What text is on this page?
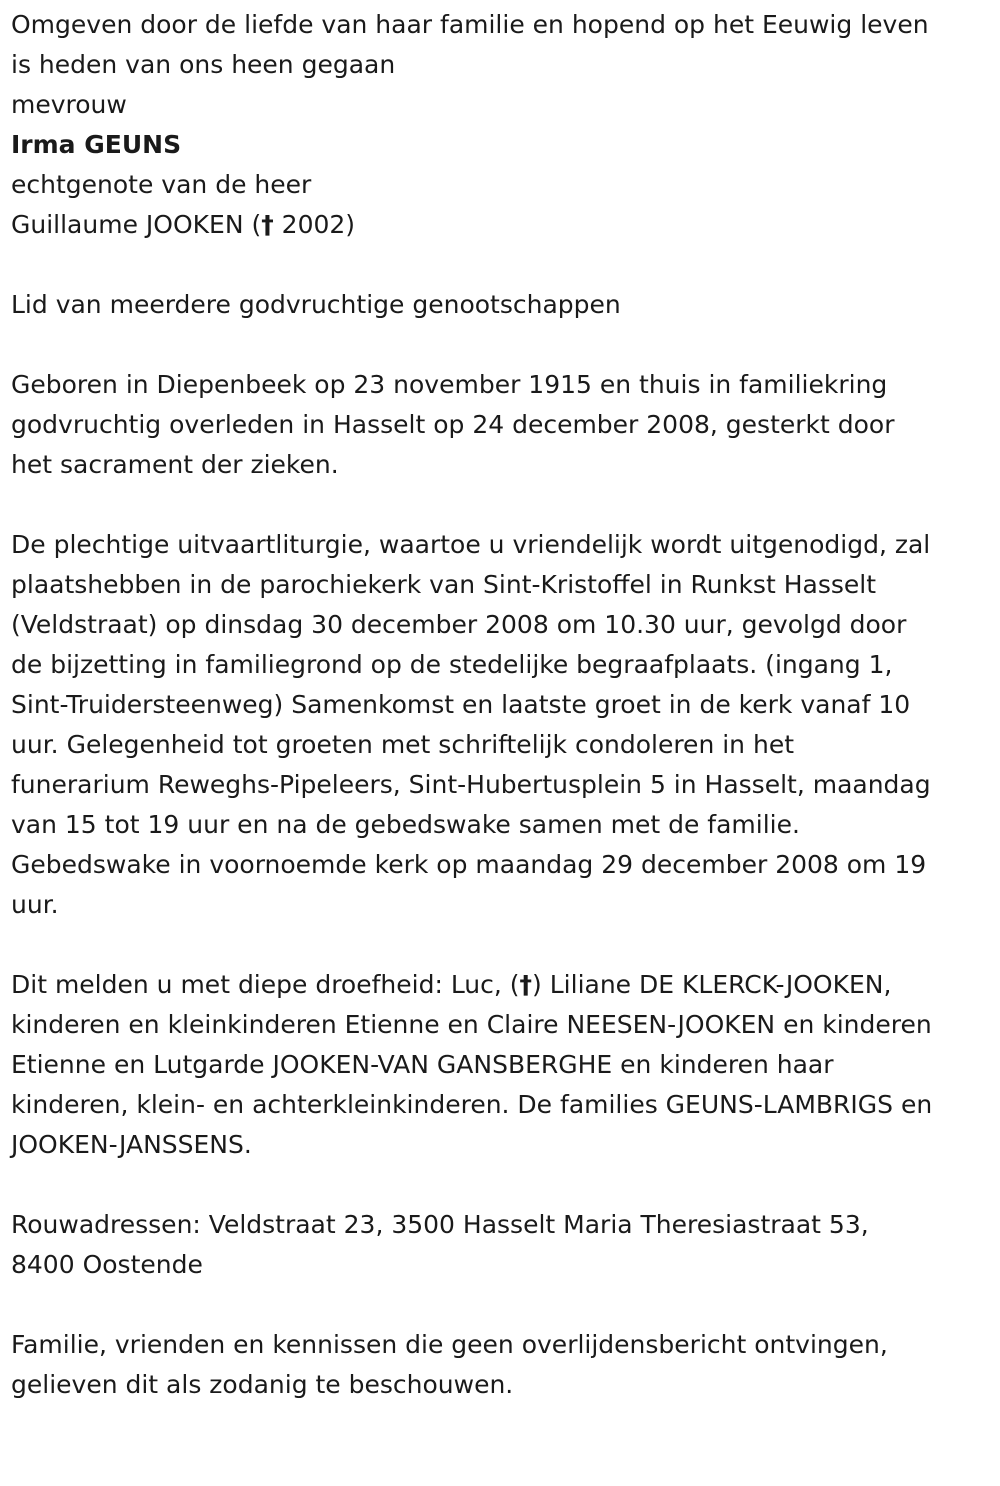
Omgeven door de liefde van haar familie en hopend op het Eeuwig leven
is heden van ons heen gegaan

mevrouw

Irma GEUNS

echtgenote van de heer

Guillaume JOOKEN († 2002)

Lid van meerdere godvruchtige genootschappen

Geboren in Diepenbeek op 23 november 1915 en thuis in familiekring
godvruchtig overleden in Hasselt op 24 december 2008, gesterkt door
het sacrament der zieken.

De plechtige uitvaartliturgie, waartoe u vriendelijk wordt uitgenodigd, zal
plaatshebben in de parochiekerk van Sint-Kristoffel in Runkst Hasselt
(Veldstraat) op dinsdag 30 december 2008 om 10.30 uur, gevolgd door
de bijzetting in familiegrond op de stedelijke begraafplaats. (ingang 1,
Sint-Truidersteenweg) Samenkomst en laatste groet in de kerk vanaf 10
uur. Gelegenheid tot groeten met schriftelijk condoleren in het
funerarium Reweghs-Pipeleers, Sint-Hubertusplein 5 in Hasselt, maandag
van 15 tot 19 uur en na de gebedswake samen met de familie.
Gebedswake in voornoemde kerk op maandag 29 december 2008 om 19
uur.

Dit melden u met diepe droefheid: Luc, (†) Liliane DE KLERCK-JOOKEN,
kinderen en kleinkinderen Etienne en Claire NEESEN-JOOKEN en kinderen
Etienne en Lutgarde JOOKEN-VAN GANSBERGHE en kinderen haar
kinderen, klein- en achterkleinkinderen. De families GEUNS-LAMBRIGS en
JOOKEN-JANSSENS.

Rouwadressen: Veldstraat 23, 3500 Hasselt Maria Theresiastraat 53,
8400 Oostende

Familie, vrienden en kennissen die geen overlijdensbericht ontvingen,
gelieven dit als zodanig te beschouwen.
